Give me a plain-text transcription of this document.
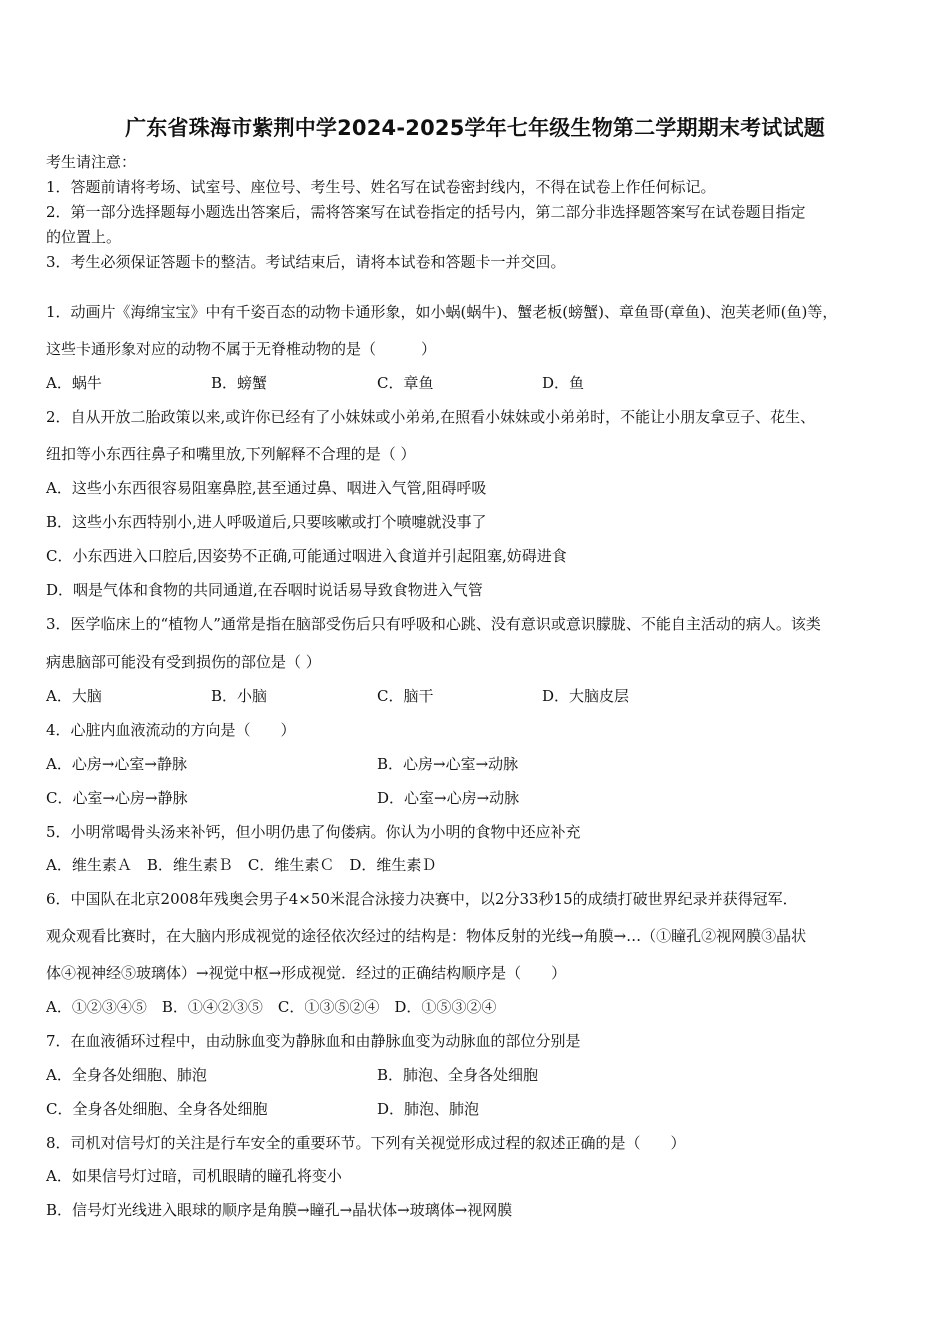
广东省珠海市紫荆中学2024-2025学年七年级生物第二学期期末考试试题
考生请注意：
1．答题前请将考场、试室号、座位号、考生号、姓名写在试卷密封线内，不得在试卷上作任何标记。
2．第一部分选择题每小题选出答案后，需将答案写在试卷指定的括号内，第二部分非选择题答案写在试卷题目指定
的位置上。
3．考生必须保证答题卡的整洁。考试结束后，请将本试卷和答题卡一并交回。
1．动画片《海绵宝宝》中有千姿百态的动物卡通形象，如小蜗(蜗牛)、蟹老板(螃蟹)、章鱼哥(章鱼)、泡芙老师(鱼)等，
这些卡通形象对应的动物不属于无脊椎动物的是（　　　）
A．蜗牛	B．螃蟹	C．章鱼	D．鱼
2．自从开放二胎政策以来,或许你已经有了小妹妹或小弟弟,在照看小妹妹或小弟弟时，不能让小朋友拿豆子、花生、
纽扣等小东西往鼻子和嘴里放,下列解释不合理的是（ ）
A．这些小东西很容易阻塞鼻腔,甚至通过鼻、咽进入气管,阻碍呼吸
B．这些小东西特别小,进人呼吸道后,只要咳嗽或打个喷嚏就没事了
C．小东西进入口腔后,因姿势不正确,可能通过咽进入食道并引起阻塞,妨碍进食
D．咽是气体和食物的共同通道,在吞咽时说话易导致食物进入气管
3．医学临床上的“植物人”通常是指在脑部受伤后只有呼吸和心跳、没有意识或意识朦胧、不能自主活动的病人。该类
病患脑部可能没有受到损伤的部位是（ ）
A．大脑	B．小脑	C．脑干	D．大脑皮层
4．心脏内血液流动的方向是（　　）
A．心房→心室→静脉	B．心房→心室→动脉
C．心室→心房→静脉	D．心室→心房→动脉
5．小明常喝骨头汤来补钙，但小明仍患了佝偻病。你认为小明的食物中还应补充
A．维生素Ａ　B．维生素Ｂ　C．维生素Ｃ　D．维生素Ｄ
6．中国队在北京2008年残奥会男子4×50米混合泳接力决赛中，以2分33秒15的成绩打破世界纪录并获得冠军．
观众观看比赛时，在大脑内形成视觉的途径依次经过的结构是：物体反射的光线→角膜→…（①瞳孔②视网膜③晶状
体④视神经⑤玻璃体）→视觉中枢→形成视觉．经过的正确结构顺序是（　　）
A．①②③④⑤　B．①④②③⑤　C．①③⑤②④　D．①⑤③②④
7．在血液循环过程中，由动脉血变为静脉血和由静脉血变为动脉血的部位分别是
A．全身各处细胞、肺泡	B．肺泡、全身各处细胞
C．全身各处细胞、全身各处细胞	D．肺泡、肺泡
8．司机对信号灯的关注是行车安全的重要环节。下列有关视觉形成过程的叙述正确的是（　　）
A．如果信号灯过暗，司机眼睛的瞳孔将变小
B．信号灯光线进入眼球的顺序是角膜→瞳孔→晶状体→玻璃体→视网膜
